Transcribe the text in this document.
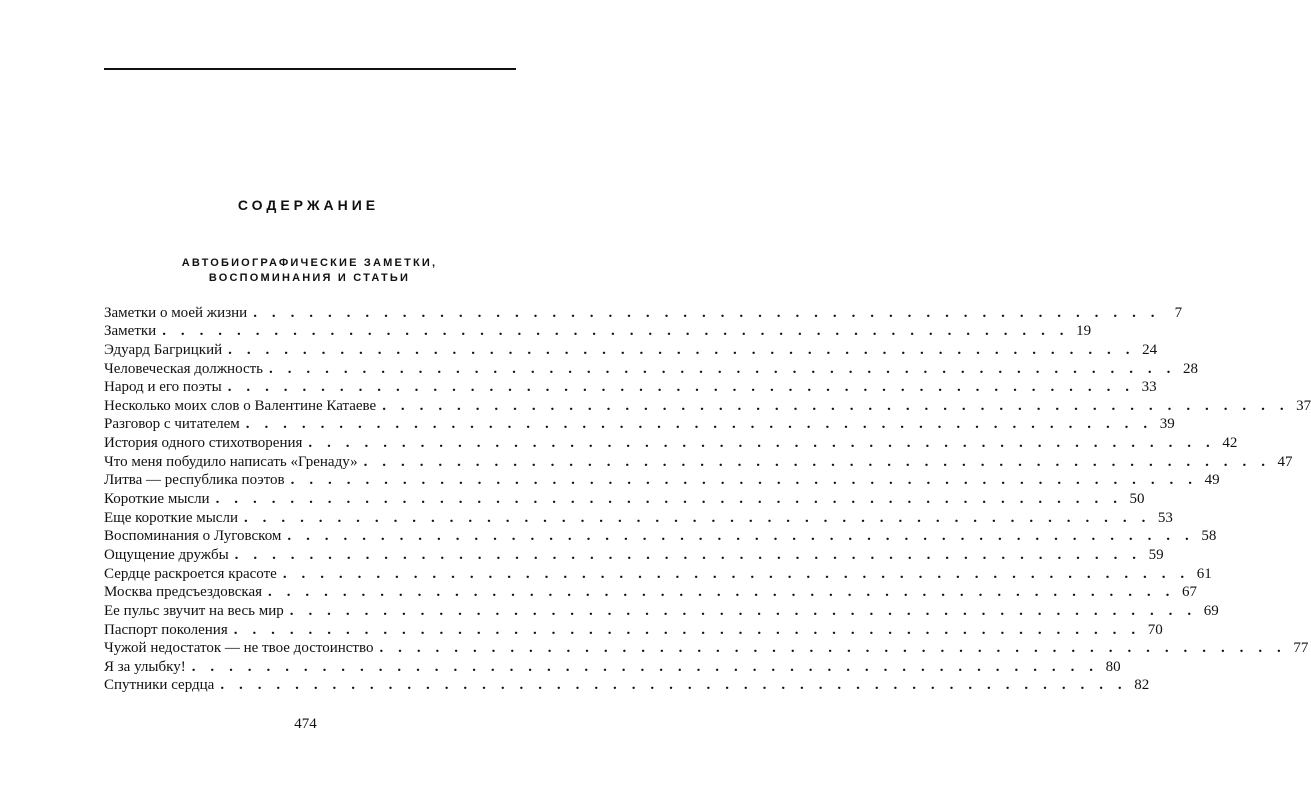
СОДЕРЖАНИЕ
АВТОБИОГРАФИЧЕСКИЕ ЗАМЕТКИ,
ВОСПОМИНАНИЯ И СТАТЬИ
Заметки о моей жизни . . . . . . . . . . . . . . . . . . . . . . . . . . . . . . . . . . . . . . . . . . . . . . . . . 7
Заметки . . . . . . . . . . . . . . . . . . . . . . . . . . . . . . . . . . . . . . . . . . . . . . . . . 19
Эдуард Багрицкий . . . . . . . . . . . . . . . . . . . . . . . . . . . . . . . . . . . . . . . . . . . . . . . . . 24
Человеческая должность . . . . . . . . . . . . . . . . . . . . . . . . . . . . . . . . . . . . . . . . . . . . . . . . . 28
Народ и его поэты . . . . . . . . . . . . . . . . . . . . . . . . . . . . . . . . . . . . . . . . . . . . . . . . . 33
Несколько моих слов о Валентине Катаеве . . . . . . . . . . . . . . . . . . . . . . . . . . . . . . . . . . . . . . . . . . . . . . . . . 37
Разговор с читателем . . . . . . . . . . . . . . . . . . . . . . . . . . . . . . . . . . . . . . . . . . . . . . . . . 39
История одного стихотворения . . . . . . . . . . . . . . . . . . . . . . . . . . . . . . . . . . . . . . . . . . . . . . . . . 42
Что меня побудило написать «Гренаду» . . . . . . . . . . . . . . . . . . . . . . . . . . . . . . . . . . . . . . . . . . . . . . . . . 47
Литва — республика поэтов . . . . . . . . . . . . . . . . . . . . . . . . . . . . . . . . . . . . . . . . . . . . . . . . . 49
Короткие мысли . . . . . . . . . . . . . . . . . . . . . . . . . . . . . . . . . . . . . . . . . . . . . . . . . 50
Еще короткие мысли . . . . . . . . . . . . . . . . . . . . . . . . . . . . . . . . . . . . . . . . . . . . . . . . . 53
Воспоминания о Луговском . . . . . . . . . . . . . . . . . . . . . . . . . . . . . . . . . . . . . . . . . . . . . . . . . 58
Ощущение дружбы . . . . . . . . . . . . . . . . . . . . . . . . . . . . . . . . . . . . . . . . . . . . . . . . . 59
Сердце раскроется красоте . . . . . . . . . . . . . . . . . . . . . . . . . . . . . . . . . . . . . . . . . . . . . . . . . 61
Москва предсъездовская . . . . . . . . . . . . . . . . . . . . . . . . . . . . . . . . . . . . . . . . . . . . . . . . . 67
Ее пульс звучит на весь мир . . . . . . . . . . . . . . . . . . . . . . . . . . . . . . . . . . . . . . . . . . . . . . . . . 69
Паспорт поколения . . . . . . . . . . . . . . . . . . . . . . . . . . . . . . . . . . . . . . . . . . . . . . . . . 70
Чужой недостаток — не твое достоинство . . . . . . . . . . . . . . . . . . . . . . . . . . . . . . . . . . . . . . . . . . . . . . . . . 77
Я за улыбку! . . . . . . . . . . . . . . . . . . . . . . . . . . . . . . . . . . . . . . . . . . . . . . . . . 80
Спутники сердца . . . . . . . . . . . . . . . . . . . . . . . . . . . . . . . . . . . . . . . . . . . . . . . . . 82
474
